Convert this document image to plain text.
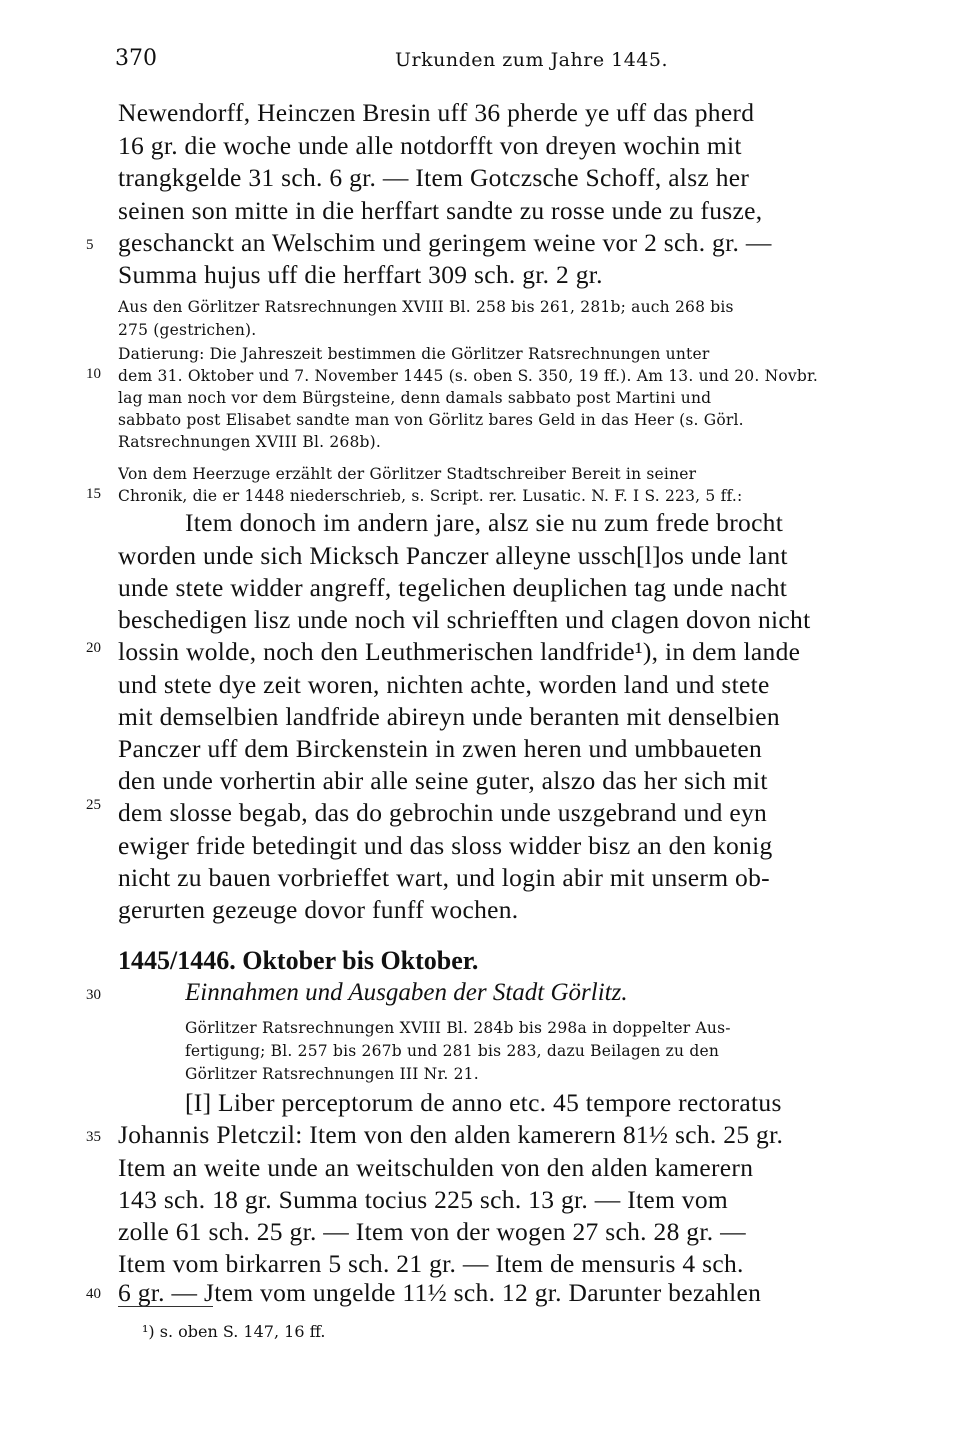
370	Urkunden zum Jahre 1445.
5
10
15
20
25
30
35
40
Newendorff, Heinczen Bresin uff 36 pherde ye uff das pherd
16 gr. die woche unde alle notdorfft von dreyen wochin mit
trangkgelde 31 sch. 6 gr. — Item Gotczsche Schoff, alsz her
seinen son mitte in die herffart sandte zu rosse unde zu fusze,
geschanckt an Welschim und geringem weine vor 2 sch. gr. —
Summa hujus uff die herffart 309 sch. gr. 2 gr.
Aus den Görlitzer Ratsrechnungen XVIII Bl. 258 bis 261, 281b; auch 268 bis
275 (gestrichen).
Datierung: Die Jahreszeit bestimmen die Görlitzer Ratsrechnungen unter
dem 31. Oktober und 7. November 1445 (s. oben S. 350, 19 ff.). Am 13. und 20. Novbr.
lag man noch vor dem Bürgsteine, denn damals sabbato post Martini und
sabbato post Elisabet sandte man von Görlitz bares Geld in das Heer (s. Görl.
Ratsrechnungen XVIII Bl. 268b).
Von dem Heerzuge erzählt der Görlitzer Stadtschreiber Bereit in seiner
Chronik, die er 1448 niederschrieb, s. Script. rer. Lusatic. N. F. I S. 223, 5 ff.:
Item donoch im andern jare, alsz sie nu zum frede brocht
worden unde sich Micksch Panczer alleyne ussch[l]os unde lant
unde stete widder angreff, tegelichen deuplichen tag unde nacht
beschedigen lisz unde noch vil schriefften und clagen dovon nicht
lossin wolde, noch den Leuthmerischen landfride¹), in dem lande
und stete dye zeit woren, nichten achte, worden land und stete
mit demselbien landfride abireyn unde beranten mit denselbien
Panczer uff dem Birckenstein in zwen heren und umbbaueten
den unde vorhertin abir alle seine guter, alszo das her sich mit
dem slosse begab, das do gebrochin unde uszgebrand und eyn
ewiger fride betedingit und das sloss widder bisz an den konig
nicht zu bauen vorbrieffet wart, und login abir mit unserm ob-
gerurten gezeuge dovor funff wochen.
1445/1446. Oktober bis Oktober.
Einnahmen und Ausgaben der Stadt Görlitz.
Görlitzer Ratsrechnungen XVIII Bl. 284b bis 298a in doppelter Aus-
fertigung; Bl. 257 bis 267b und 281 bis 283, dazu Beilagen zu den
Görlitzer Ratsrechnungen III Nr. 21.
[I] Liber perceptorum de anno etc. 45 tempore rectoratus
Johannis Pletczil: Item von den alden kamerern 81½ sch. 25 gr.
Item an weite unde an weitschulden von den alden kamerern
143 sch. 18 gr. Summa tocius 225 sch. 13 gr. — Item vom
zolle 61 sch. 25 gr. — Item von der wogen 27 sch. 28 gr. —
Item vom birkarren 5 sch. 21 gr. — Item de mensuris 4 sch.
6 gr. — Jtem vom ungelde 11½ sch. 12 gr. Darunter bezahlen
¹) s. oben S. 147, 16 ff.
